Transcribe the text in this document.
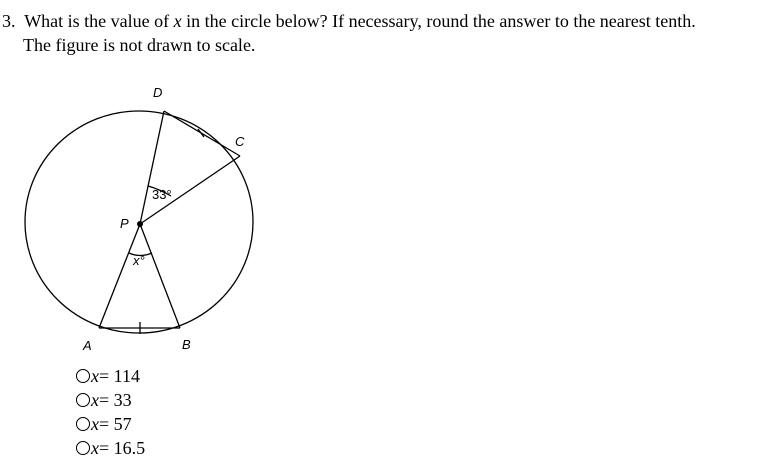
3. What is the value of x in the circle below? If necessary, round the answer to the nearest tenth.
The figure is not drawn to scale.
D
C
P
A	B
33°
x°
x = 114
x = 33
x = 57
x = 16.5
